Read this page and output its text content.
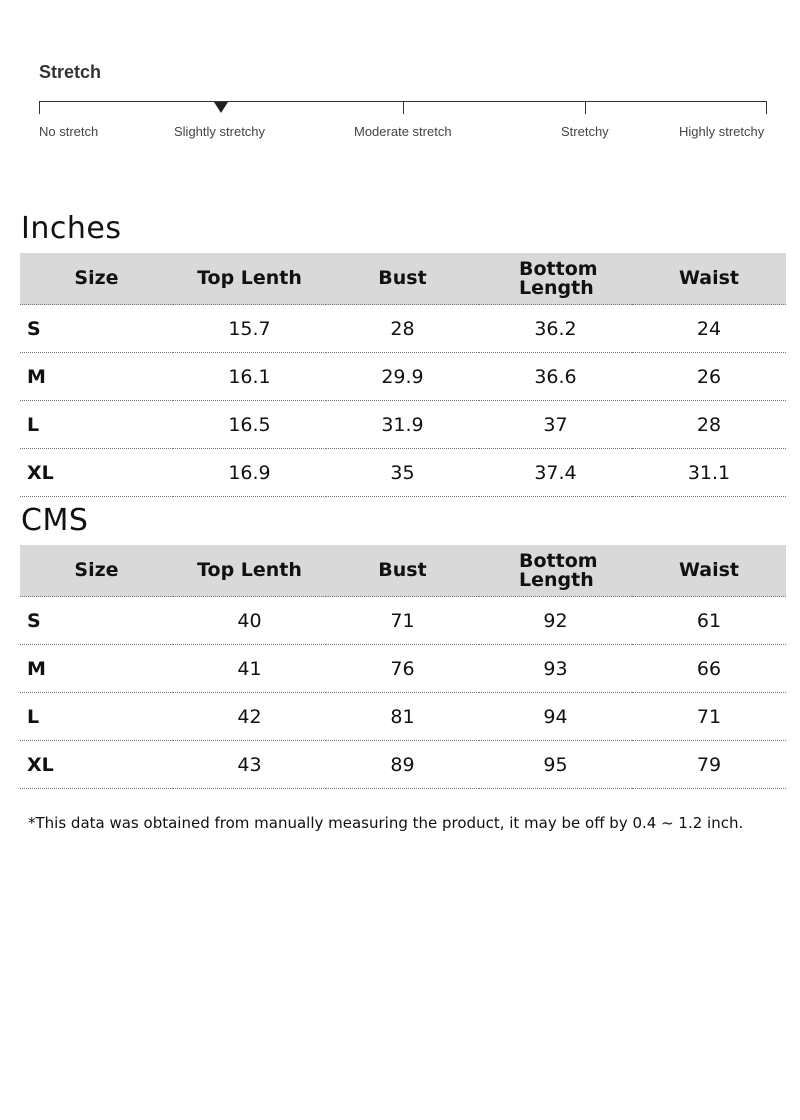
Stretch
No stretch	Slightly stretchy	Moderate stretch	Stretchy	Highly stretchy
Inches
Size	Top Lenth	Bust	Bottom Length	Waist
S	15.7	28	36.2	24
M	16.1	29.9	36.6	26
L	16.5	31.9	37	28
XL	16.9	35	37.4	31.1
CMS
Size	Top Lenth	Bust	Bottom Length	Waist
S	40	71	92	61
M	41	76	93	66
L	42	81	94	71
XL	43	89	95	79
*This data was obtained from manually measuring the product, it may be off by 0.4 ~ 1.2 inch.
